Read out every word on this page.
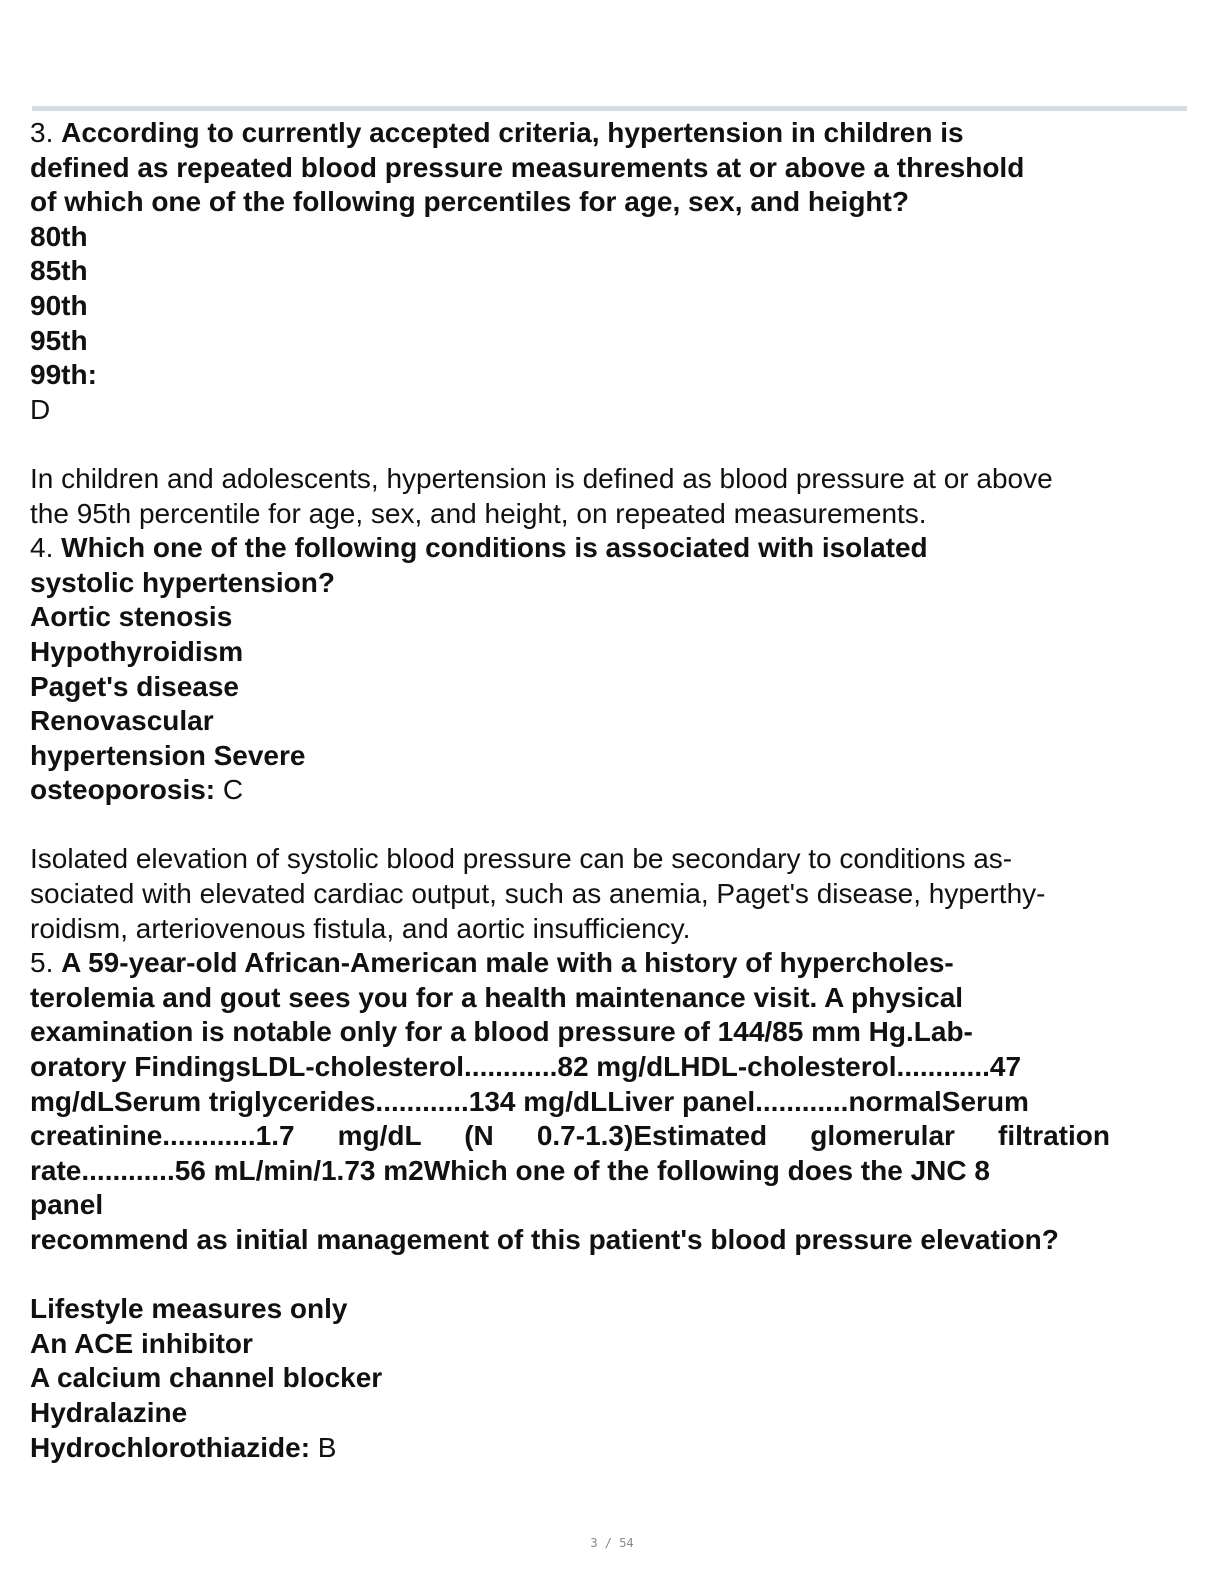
3. According to currently accepted criteria, hypertension in children is

defined as repeated blood pressure measurements at or above a threshold

of which one of the following percentiles for age, sex, and height?

80th

85th

90th

95th

99th:

D

In children and adolescents, hypertension is defined as blood pressure at or above

the 95th percentile for age, sex, and height, on repeated measurements.

4. Which one of the following conditions is associated with isolated

systolic hypertension?

Aortic stenosis

Hypothyroidism

Paget's disease

Renovascular

hypertension Severe

osteoporosis: C

Isolated elevation of systolic blood pressure can be secondary to conditions as-

sociated with elevated cardiac output, such as anemia, Paget's disease, hyperthy-

roidism, arteriovenous fistula, and aortic insufficiency.

5. A 59-year-old African-American male with a history of hypercholes-

terolemia and gout sees you for a health maintenance visit. A physical

examination is notable only for a blood pressure of 144/85 mm Hg.Lab-

oratory FindingsLDL-cholesterol............82 mg/dLHDL-cholesterol............47

mg/dLSerum triglycerides............134 mg/dLLiver panel............normalSerum

creatinine............1.7 mg/dL (N 0.7-1.3)Estimated glomerular filtration

rate............56 mL/min/1.73 m2Which one of the following does the JNC 8

panel

recommend as initial management of this patient's blood pressure elevation?

Lifestyle measures only

An ACE inhibitor

A calcium channel blocker

Hydralazine

Hydrochlorothiazide: B

3 / 54
